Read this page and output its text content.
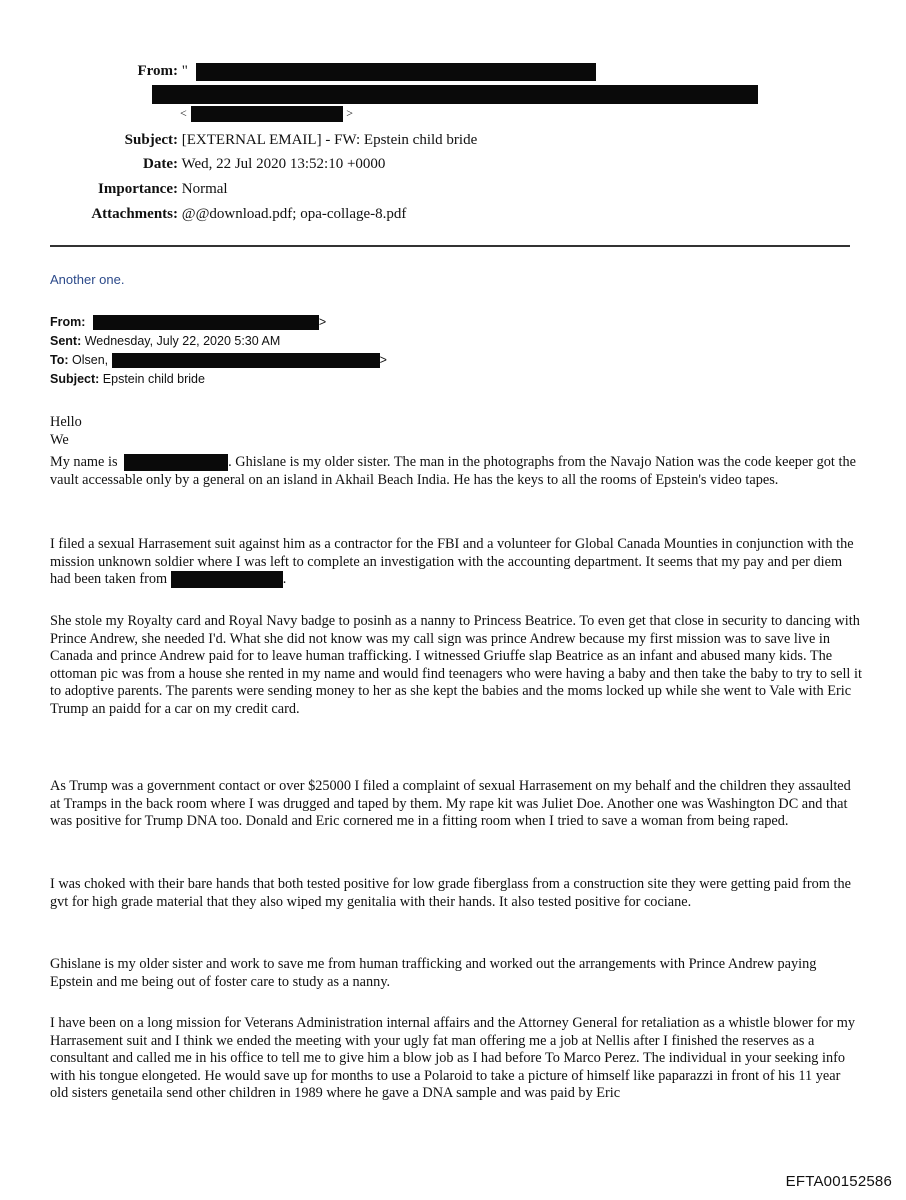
From: "
<	>
Subject: [EXTERNAL EMAIL] - FW: Epstein child bride
Date: Wed, 22 Jul 2020 13:52:10 +0000
Importance: Normal
Attachments: @@download.pdf; opa-collage-8.pdf
Another one.
From:	>
Sent: Wednesday, July 22, 2020 5:30 AM
To: Olsen,	>
Subject: Epstein child bride
Hello
We
My name is	. Ghislane is my older sister. The man in the photographs from the Navajo Nation was the code keeper got the vault accessable only by a general on an island in Akhail Beach India. He has the keys to all the rooms of Epstein's video tapes.
I filed a sexual Harrasement suit against him as a contractor for the FBI and a volunteer for Global Canada Mounties in conjunction with the mission unknown soldier where I was left to complete an investigation with the accounting department. It seems that my pay and per diem had been taken from	.
She stole my Royalty card and Royal Navy badge to posinh as a nanny to Princess Beatrice. To even get that close in security to dancing with Prince Andrew, she needed I'd. What she did not know was my call sign was prince Andrew because my first mission was to save live in Canada and prince Andrew paid for to leave human trafficking. I witnessed Griuffe slap Beatrice as an infant and abused many kids. The ottoman pic was from a house she rented in my name and would find teenagers who were having a baby and then take the baby to try to sell it to adoptive parents. The parents were sending money to her as she kept the babies and the moms locked up while she went to Vale with Eric Trump an paidd for a car on my credit card.
As Trump was a government contact or over $25000 I filed a complaint of sexual Harrasement on my behalf and the children they assaulted at Tramps in the back room where I was drugged and taped by them. My rape kit was Juliet Doe. Another one was Washington DC and that was positive for Trump DNA too. Donald and Eric cornered me in a fitting room when I tried to save a woman from being raped.
I was choked with their bare hands that both tested positive for low grade fiberglass from a construction site they were getting paid from the gvt for high grade material that they also wiped my genitalia with their hands. It also tested positive for cociane.
Ghislane is my older sister and work to save me from human trafficking and worked out the arrangements with Prince Andrew paying Epstein and me being out of foster care to study as a nanny.
I have been on a long mission for Veterans Administration internal affairs and the Attorney General for retaliation as a whistle blower for my Harrasement suit and I think we ended the meeting with your ugly fat man offering me a job at Nellis after I finished the reserves as a consultant and called me in his office to tell me to give him a blow job as I had before To Marco Perez. The individual in your seeking info with his tongue elongeted. He would save up for months to use a Polaroid to take a picture of himself like paparazzi in front of his 11 year old sisters genetaila send other children in 1989 where he gave a DNA sample and was paid by Eric
EFTA00152586
